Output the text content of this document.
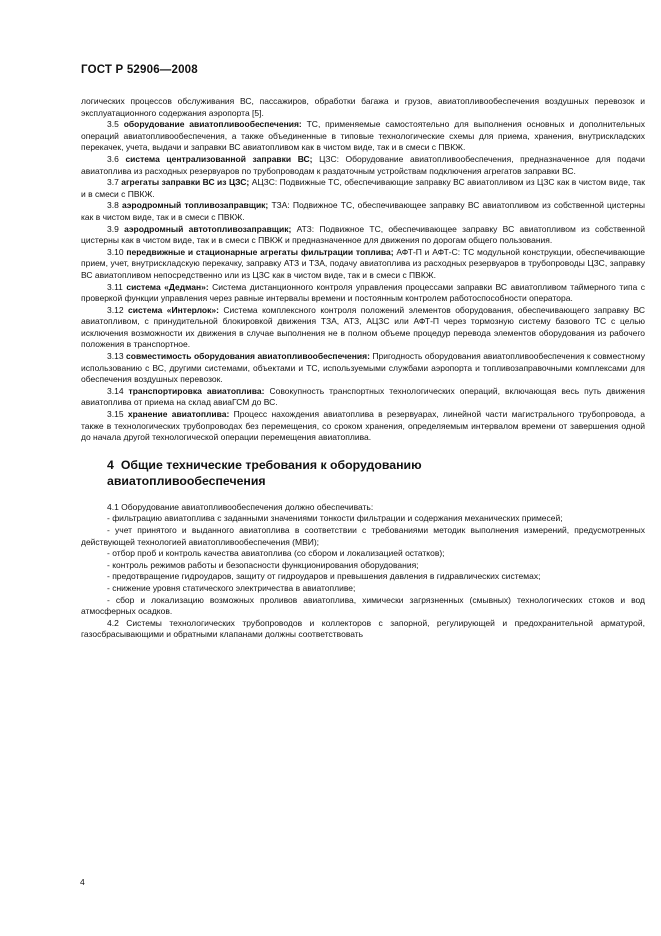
ГОСТ Р 52906—2008

логических процессов обслуживания ВС, пассажиров, обработки багажа и грузов, авиатопливообеспечения воздушных перевозок и эксплуатационного содержания аэропорта [5].

3.5 оборудование авиатопливообеспечения: ТС, применяемые самостоятельно для выполнения основных и дополнительных операций авиатопливообеспечения, а также объединенные в типовые технологические схемы для приема, хранения, внутрискладских перекачек, учета, выдачи и заправки ВС авиатопливом как в чистом виде, так и в смеси с ПВКЖ.

3.6 система централизованной заправки ВС; ЦЗС: Оборудование авиатопливообеспечения, предназначенное для подачи авиатоплива из расходных резервуаров по трубопроводам к раздаточным устройствам подключения агрегатов заправки ВС.

3.7 агрегаты заправки ВС из ЦЗС; АЦЗС: Подвижные ТС, обеспечивающие заправку ВС авиатопливом из ЦЗС как в чистом виде, так и в смеси с ПВКЖ.

3.8 аэродромный топливозаправщик; ТЗА: Подвижное ТС, обеспечивающее заправку ВС авиатопливом из собственной цистерны как в чистом виде, так и в смеси с ПВКЖ.

3.9 аэродромный автотопливозаправщик; АТЗ: Подвижное ТС, обеспечивающее заправку ВС авиатопливом из собственной цистерны как в чистом виде, так и в смеси с ПВКЖ и предназначенное для движения по дорогам общего пользования.

3.10 передвижные и стационарные агрегаты фильтрации топлива; АФТ-П и АФТ-С: ТС модульной конструкции, обеспечивающие прием, учет, внутрискладскую перекачку, заправку АТЗ и ТЗА, подачу авиатоплива из расходных резервуаров в трубопроводы ЦЗС, заправку ВС авиатопливом непосредственно или из ЦЗС как в чистом виде, так и в смеси с ПВКЖ.

3.11 система «Дедман»: Система дистанционного контроля управления процессами заправки ВС авиатопливом таймерного типа с проверкой функции управления через равные интервалы времени и постоянным контролем работоспособности оператора.

3.12 система «Интерлок»: Система комплексного контроля положений элементов оборудования, обеспечивающего заправку ВС авиатопливом, с принудительной блокировкой движения ТЗА, АТЗ, АЦЗС или АФТ-П через тормозную систему базового ТС с целью исключения возможности их движения в случае выполнения не в полном объеме процедур перевода элементов оборудования из рабочего положения в транспортное.

3.13 совместимость оборудования авиатопливообеспечения: Пригодность оборудования авиатопливообеспечения к совместному использованию с ВС, другими системами, объектами и ТС, используемыми службами аэропорта и топливозаправочными комплексами для обеспечения воздушных перевозок.

3.14 транспортировка авиатоплива: Совокупность транспортных технологических операций, включающая весь путь движения авиатоплива от приема на склад авиаГСМ до ВС.

3.15 хранение авиатоплива: Процесс нахождения авиатоплива в резервуарах, линейной части магистрального трубопровода, а также в технологических трубопроводах без перемещения, со сроком хранения, определяемым интервалом времени от завершения одной до начала другой технологической операции перемещения авиатоплива.

4 Общие технические требования к оборудованию
авиатопливообеспечения

4.1 Оборудование авиатопливообеспечения должно обеспечивать:

- фильтрацию авиатоплива с заданными значениями тонкости фильтрации и содержания механических примесей;

- учет принятого и выданного авиатоплива в соответствии с требованиями методик выполнения измерений, предусмотренных действующей технологией авиатопливообеспечения (МВИ);

- отбор проб и контроль качества авиатоплива (со сбором и локализацией остатков);

- контроль режимов работы и безопасности функционирования оборудования;

- предотвращение гидроударов, защиту от гидроударов и превышения давления в гидравлических системах;

- снижение уровня статического электричества в авиатопливе;

- сбор и локализацию возможных проливов авиатоплива, химически загрязненных (смывных) технологических стоков и вод атмосферных осадков.

4.2 Системы технологических трубопроводов и коллекторов с запорной, регулирующей и предохранительной арматурой, газосбрасывающими и обратными клапанами должны соответствовать

4
